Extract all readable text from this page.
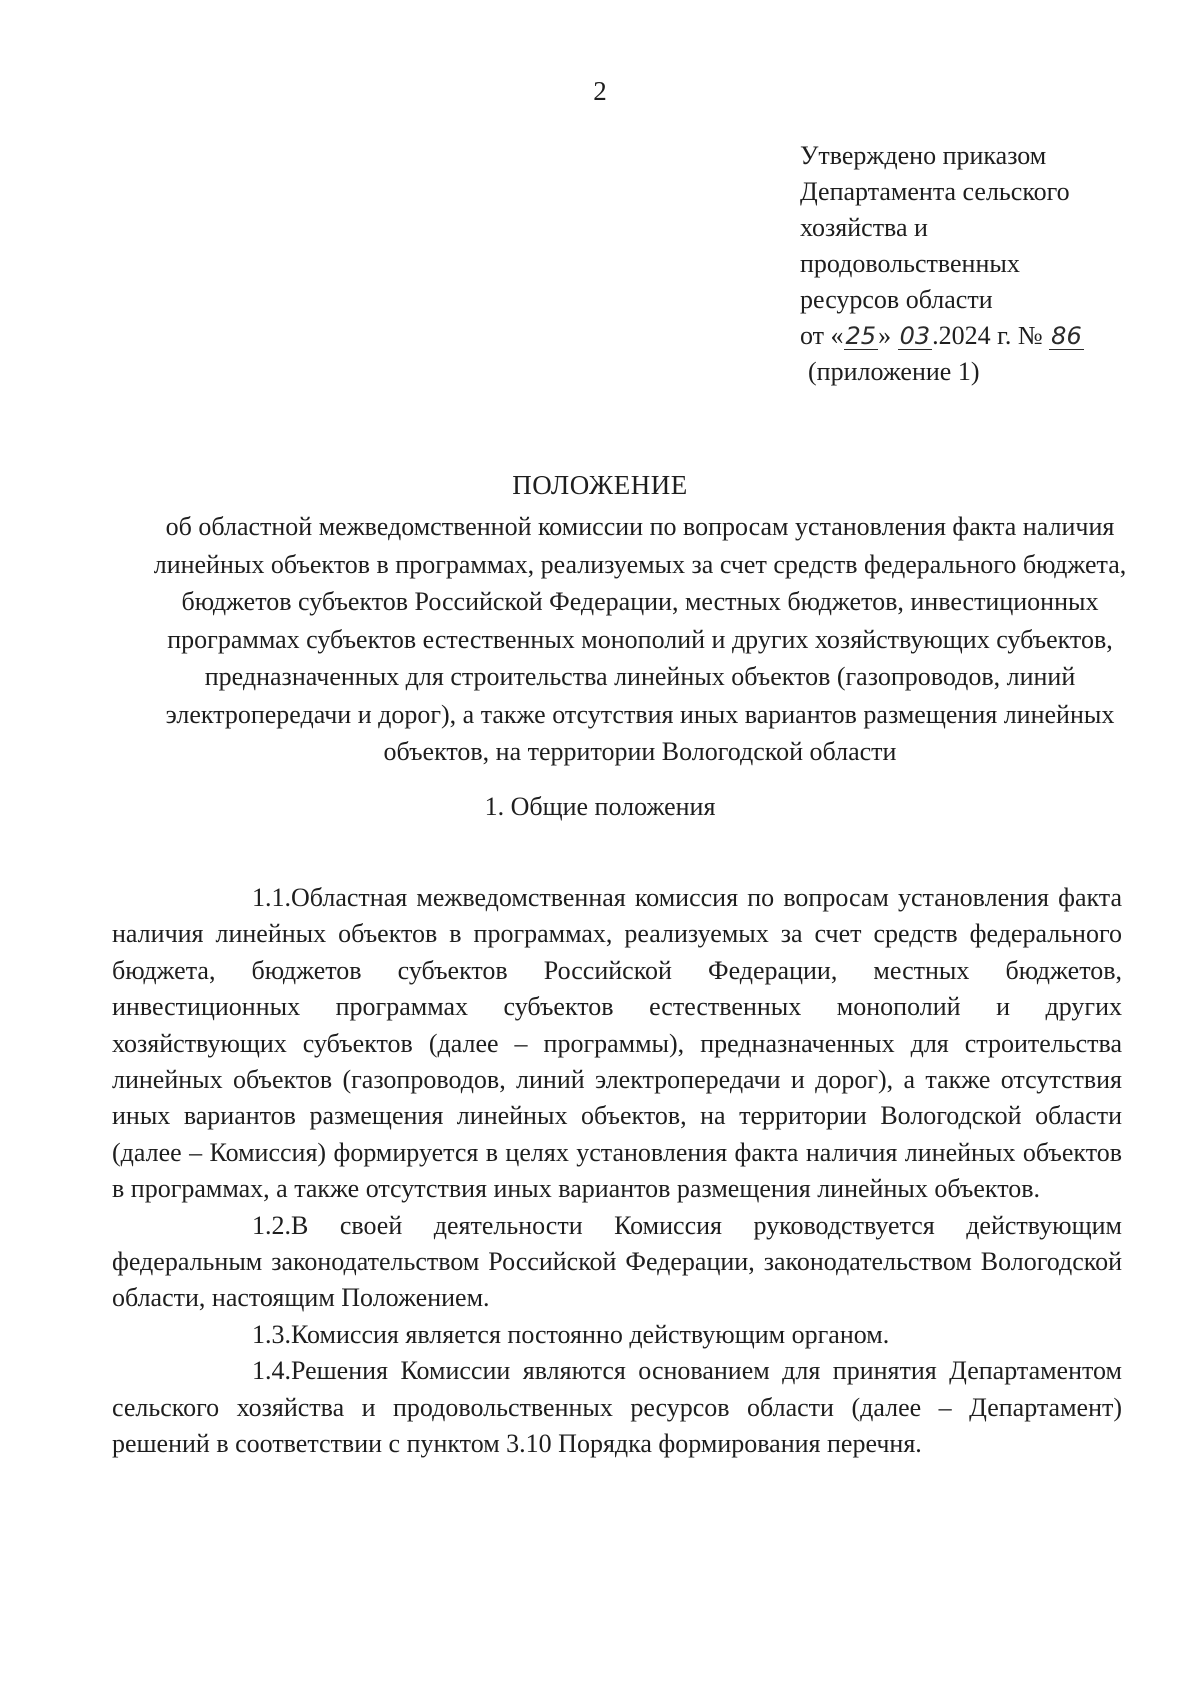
2
Утверждено приказом
Департамента сельского
хозяйства и
продовольственных
ресурсов области
от «25» 03.2024 г. № 86
(приложение 1)
ПОЛОЖЕНИЕ
об областной межведомственной комиссии по вопросам установления факта наличия линейных объектов в программах, реализуемых за счет средств федерального бюджета, бюджетов субъектов Российской Федерации, местных бюджетов, инвестиционных программах субъектов естественных монополий и других хозяйствующих субъектов, предназначенных для строительства линейных объектов (газопроводов, линий электропередачи и дорог), а также отсутствия иных вариантов размещения линейных объектов, на территории Вологодской области
1. Общие положения

1.1.Областная межведомственная комиссия по вопросам установления факта наличия линейных объектов в программах, реализуемых за счет средств федерального бюджета, бюджетов субъектов Российской Федерации, местных бюджетов, инвестиционных программах субъектов естественных монополий и других хозяйствующих субъектов (далее – программы), предназначенных для строительства линейных объектов (газопроводов, линий электропередачи и дорог), а также отсутствия иных вариантов размещения линейных объектов, на территории Вологодской области (далее – Комиссия) формируется в целях установления факта наличия линейных объектов в программах, а также отсутствия иных вариантов размещения линейных объектов.

1.2.В своей деятельности Комиссия руководствуется действующим федеральным законодательством Российской Федерации, законодательством Вологодской области, настоящим Положением.

1.3.Комиссия является постоянно действующим органом.

1.4.Решения Комиссии являются основанием для принятия Департаментом сельского хозяйства и продовольственных ресурсов области (далее – Департамент) решений в соответствии с пунктом 3.10 Порядка формирования перечня.
